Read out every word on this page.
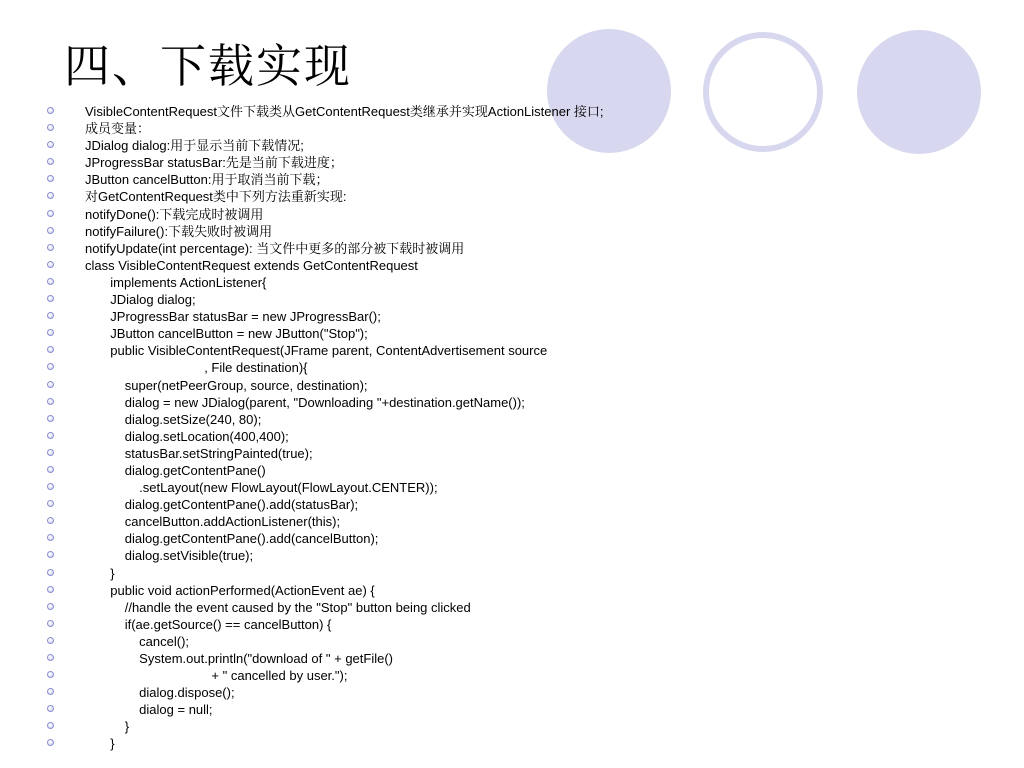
四、下载实现
VisibleContentRequest文件下载类从GetContentRequest类继承并实现ActionListener 接口;
成员变量：
JDialog dialog:用于显示当前下载情况;
JProgressBar statusBar:先是当前下载进度；
JButton cancelButton:用于取消当前下载；
对GetContentRequest类中下列方法重新实现:
notifyDone():下载完成时被调用
notifyFailure():下载失败时被调用
notifyUpdate(int percentage): 当文件中更多的部分被下载时被调用
class VisibleContentRequest extends GetContentRequest
implements ActionListener{
JDialog dialog;
JProgressBar statusBar = new JProgressBar();
JButton cancelButton = new JButton("Stop");
public VisibleContentRequest(JFrame parent, ContentAdvertisement source
, File destination){
super(netPeerGroup, source, destination);
dialog = new JDialog(parent, "Downloading "+destination.getName());
dialog.setSize(240, 80);
dialog.setLocation(400,400);
statusBar.setStringPainted(true);
dialog.getContentPane()
.setLayout(new FlowLayout(FlowLayout.CENTER));
dialog.getContentPane().add(statusBar);
cancelButton.addActionListener(this);
dialog.getContentPane().add(cancelButton);
dialog.setVisible(true);
}
public void actionPerformed(ActionEvent ae) {
//handle the event caused by the "Stop" button being clicked
if(ae.getSource() == cancelButton) {
cancel();
System.out.println("download of " + getFile()
+ " cancelled by user.");
dialog.dispose();
dialog = null;
}
}
